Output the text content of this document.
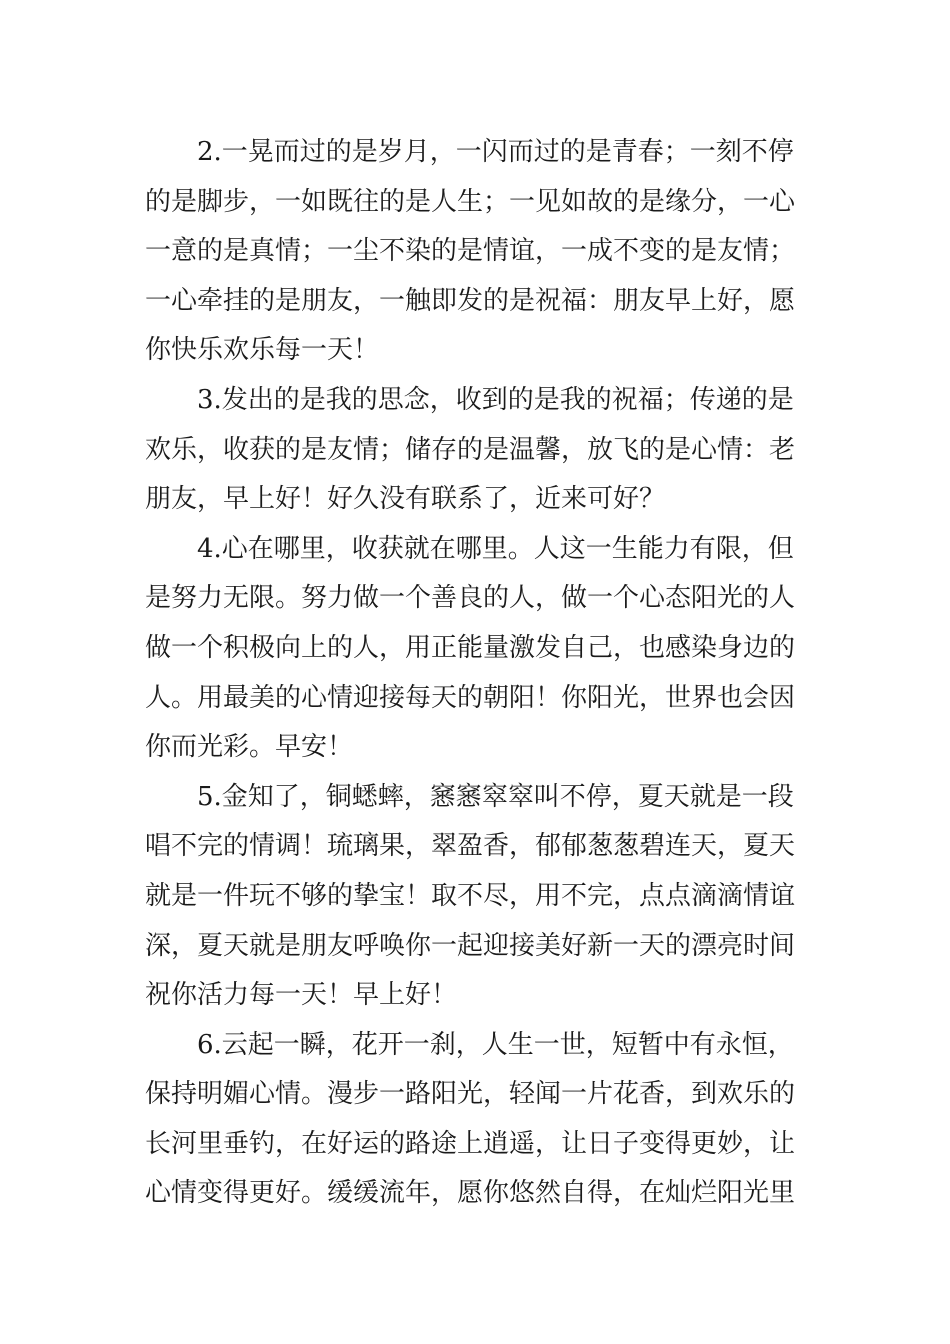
2.一晃而过的是岁月，一闪而过的是青春；一刻不停
的是脚步，一如既往的是人生；一见如故的是缘分，一心
一意的是真情；一尘不染的是情谊，一成不变的是友情；
一心牵挂的是朋友，一触即发的是祝福：朋友早上好，愿
你快乐欢乐每一天！

3.发出的是我的思念，收到的是我的祝福；传递的是
欢乐，收获的是友情；储存的是温馨，放飞的是心情：老
朋友，早上好！好久没有联系了，近来可好？

4.心在哪里，收获就在哪里。人这一生能力有限，但
是努力无限。努力做一个善良的人，做一个心态阳光的人
做一个积极向上的人，用正能量激发自己，也感染身边的
人。用最美的心情迎接每天的朝阳！你阳光，世界也会因
你而光彩。早安！

5.金知了，铜蟋蟀，窸窸窣窣叫不停，夏天就是一段
唱不完的情调！琉璃果，翠盈香，郁郁葱葱碧连天，夏天
就是一件玩不够的挚宝！取不尽，用不完，点点滴滴情谊
深，夏天就是朋友呼唤你一起迎接美好新一天的漂亮时间
祝你活力每一天！早上好！

6.云起一瞬，花开一刹，人生一世，短暂中有永恒，
保持明媚心情。漫步一路阳光，轻闻一片花香，到欢乐的
长河里垂钓，在好运的路途上逍遥，让日子变得更妙，让
心情变得更好。缓缓流年，愿你悠然自得，在灿烂阳光里
